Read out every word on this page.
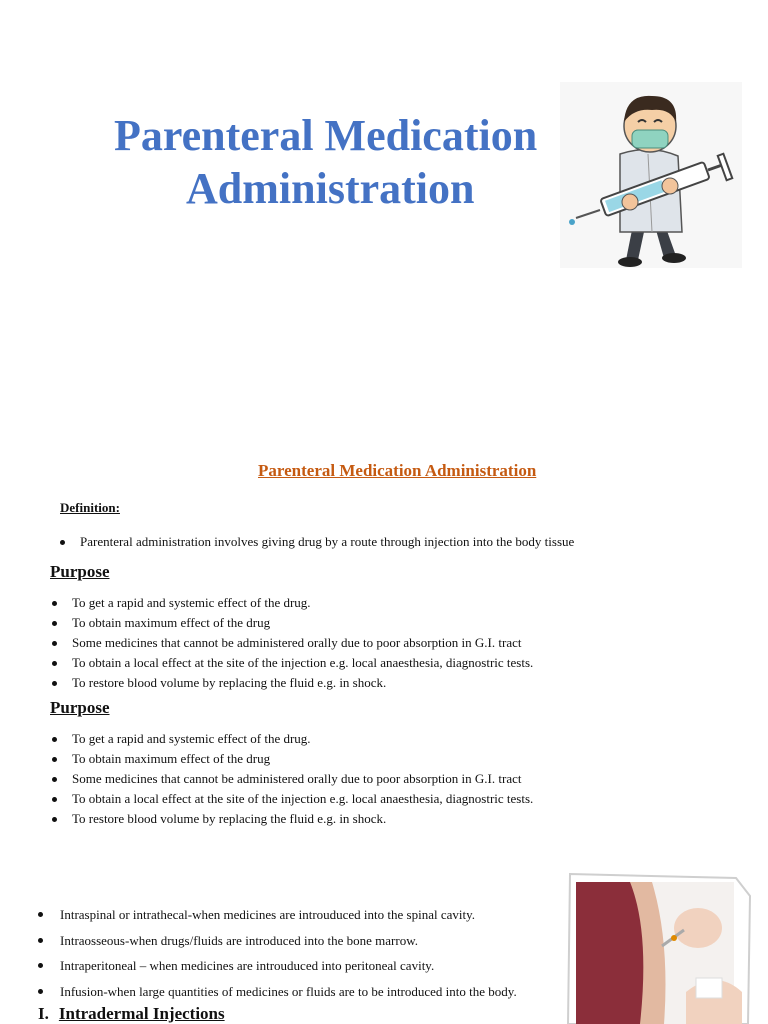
Parenteral Medication
Administration
Parenteral Medication Administration
Definition:
Parenteral administration involves giving drug by a route through injection into the body tissue
Purpose
To get a rapid and systemic effect of the drug.
To obtain maximum effect of the drug
Some medicines that cannot be administered orally due to poor absorption in G.I. tract
To obtain a local effect at the site of the injection e.g. local anaesthesia, diagnostric tests.
To restore blood volume by replacing the fluid e.g. in shock.
Purpose
To get a rapid and systemic effect of the drug.
To obtain maximum effect of the drug
Some medicines that cannot be administered orally due to poor absorption in G.I. tract
To obtain a local effect at the site of the injection e.g. local anaesthesia, diagnostric tests.
To restore blood volume by replacing the fluid e.g. in shock.
Intraspinal or intrathecal-when medicines are introuduced into the spinal cavity.
Intraosseous-when drugs/fluids are introduced into the bone marrow.
Intraperitoneal – when medicines are introuduced into peritoneal cavity.
Infusion-when large quantities of medicines or fluids are to be introduced into the body.
I. Intradermal Injections
